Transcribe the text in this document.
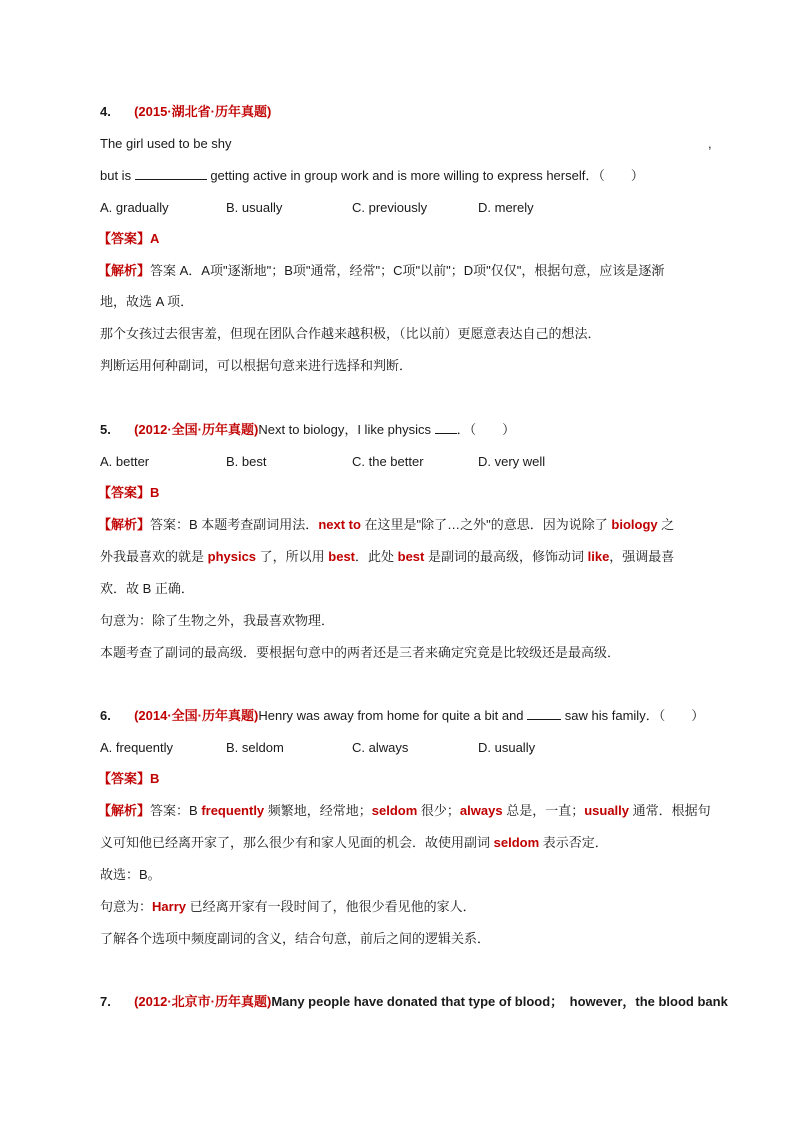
4. (2015·湖北省·历年真题)
The girl used to be shy	,
but is	getting active in group work and is more willing to express herself．（　　）
A. gradually	B. usually	C. previously	D. merely
【答案】A
【解析】答案 A．A项"逐渐地"；B项"通常，经常"；C项"以前"；D项"仅仅"，根据句意，应该是逐渐
地，故选 A 项．
那个女孩过去很害羞，但现在团队合作越来越积极，（比以前）更愿意表达自己的想法．
判断运用何种副词，可以根据句意来进行选择和判断．
5. (2012·全国·历年真题)Next to biology，I like physics ．（　　）
A. better	B. best	C. the better	D. very well
【答案】B
【解析】答案：B 本题考查副词用法．next to 在这里是"除了…之外"的意思．因为说除了 biology 之
外我最喜欢的就是 physics 了，所以用 best．此处 best 是副词的最高级，修饰动词 like，强调最喜
欢．故 B 正确．
句意为：除了生物之外，我最喜欢物理．
本题考查了副词的最高级．要根据句意中的两者还是三者来确定究竟是比较级还是最高级．
6. (2014·全国·历年真题)Henry was away from home for quite a bit and	saw his family．（　　）
A. frequently	B. seldom	C. always	D. usually
【答案】B
【解析】答案：B frequently 频繁地，经常地；seldom 很少；always 总是，一直；usually 通常．根据句
义可知他已经离开家了，那么很少有和家人见面的机会．故使用副词 seldom 表示否定．
故选：B。
句意为：Harry 已经离开家有一段时间了，他很少看见他的家人．
了解各个选项中频度副词的含义，结合句意，前后之间的逻辑关系．
7. (2012·北京市·历年真题)Many people have donated that type of blood；　however，the blood bank
